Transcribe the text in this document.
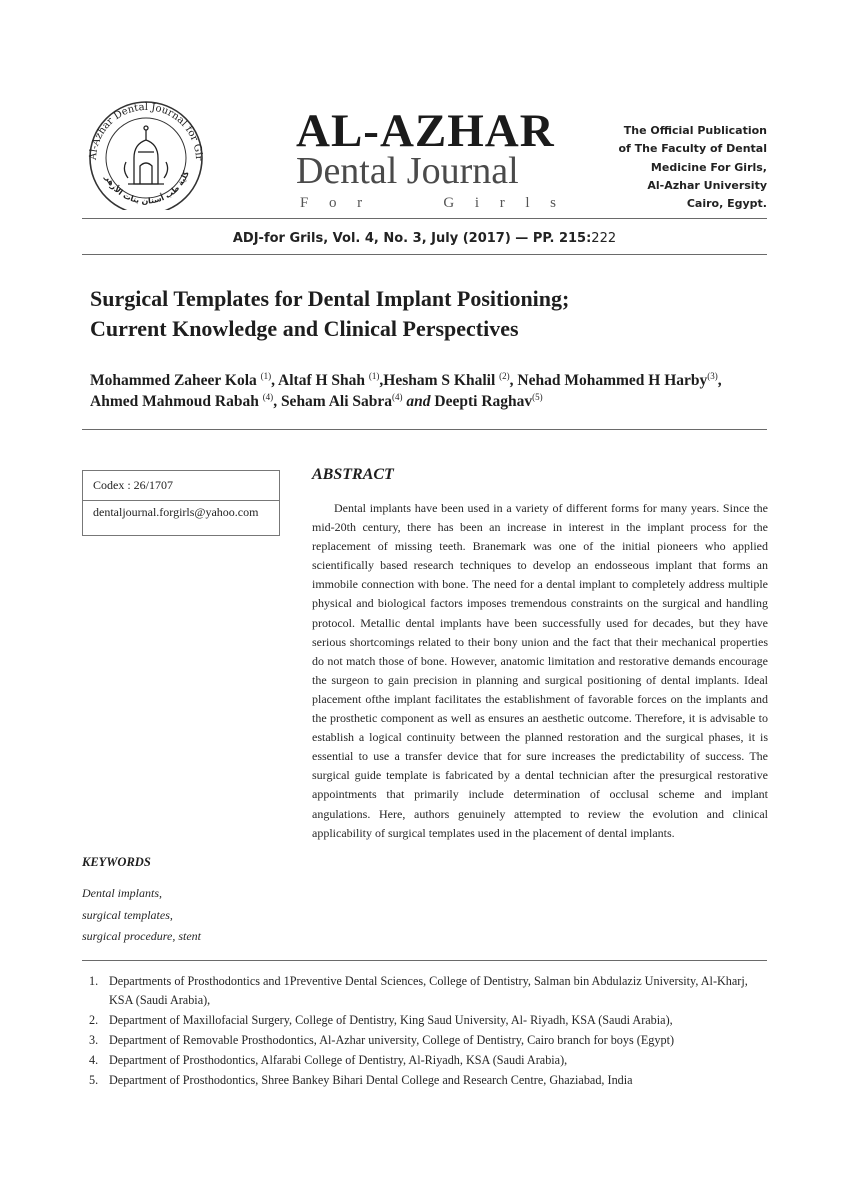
Al-Azhar Dental Journal for Gir
كلية طب أسنان بنات الأزهر
AL-AZHAR
Dental Journal
F o r	G i r l s
The Official Publication
of The Faculty of Dental
Medicine For Girls,
Al-Azhar University
Cairo, Egypt.
ADJ-for Grils, Vol. 4, No. 3, July (2017) — PP. 215:222
Surgical Templates for Dental Implant Positioning;
Current Knowledge and Clinical Perspectives
Mohammed Zaheer Kola $^{(1)}$, Altaf H Shah $^{(1)}$,Hesham S Khalil $^{(2)}$, Nehad Mohammed H Harby$^{(3)}$,
Ahmed Mahmoud Rabah $^{(4)}$, Seham Ali Sabra$^{(4)}$ and Deepti Raghav$^{(5)}$
Codex : 26/1707
dentaljournal.forgirls@yahoo.com
ABSTRACT
Dental implants have been used in a variety of different forms for many years. Since the mid-20th century, there has been an increase in interest in the implant process for the replacement of missing teeth. Branemark was one of the initial pioneers who applied scientifically based research techniques to develop an endosseous implant that forms an immobile connection with bone. The need for a dental implant to completely address multiple physical and biological factors imposes tremendous constraints on the surgical and handling protocol. Metallic dental implants have been successfully used for decades, but they have serious shortcomings related to their bony union and the fact that their mechanical properties do not match those of bone. However, anatomic limitation and restorative demands encourage the surgeon to gain precision in planning and surgical positioning of dental implants. Ideal placement ofthe implant facilitates the establishment of favorable forces on the implants and the prosthetic component as well as ensures an aesthetic outcome. Therefore, it is advisable to establish a logical continuity between the planned restoration and the surgical phases, it is essential to use a transfer device that for sure increases the predictability of success. The surgical guide template is fabricated by a dental technician after the presurgical restorative appointments that primarily include determination of occlusal scheme and implant angulations. Here, authors genuinely attempted to review the evolution and clinical applicability of surgical templates used in the placement of dental implants.
KEYWORDS
Dental implants,
surgical templates,
surgical procedure, stent
1. Departments of Prosthodontics and 1Preventive Dental Sciences, College of Dentistry, Salman bin Abdulaziz University, Al-Kharj, KSA (Saudi Arabia),
2. Department of Maxillofacial Surgery, College of Dentistry, King Saud University, Al- Riyadh, KSA (Saudi Arabia),
3. Department of Removable Prosthodontics, Al-Azhar university, College of Dentistry, Cairo branch for boys (Egypt)
4. Department of Prosthodontics, Alfarabi College of Dentistry, Al-Riyadh, KSA (Saudi Arabia),
5. Department of Prosthodontics, Shree Bankey Bihari Dental College and Research Centre, Ghaziabad, India
